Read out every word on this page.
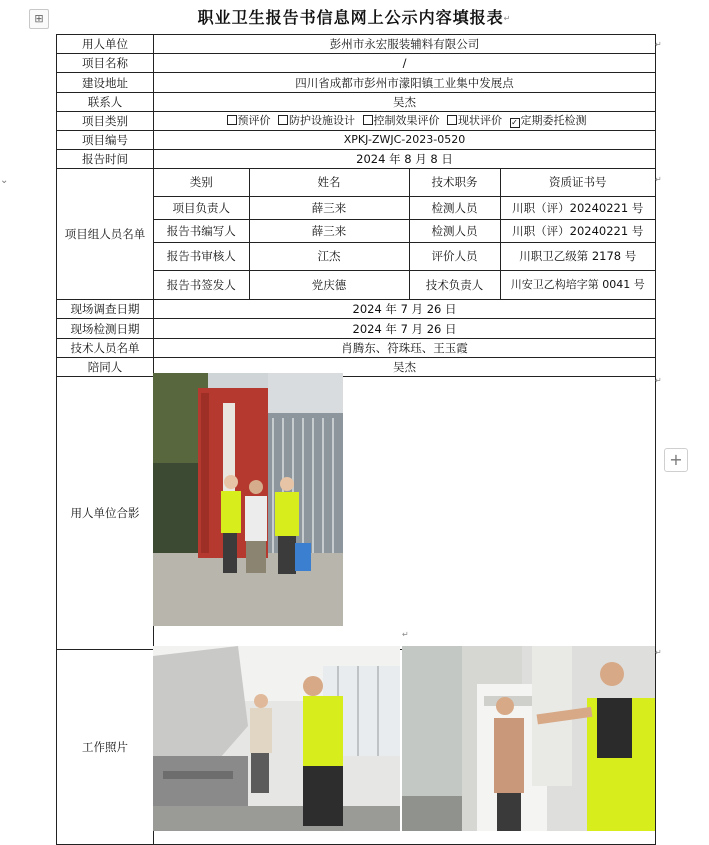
⊞
⌄
+
职业卫生报告书信息网上公示内容填报表↵
用人单位	彭州市永宏服装辅料有限公司
项目名称	/
建设地址	四川省成都市彭州市濛阳镇工业集中发展点
联系人	吴杰
项目类别	预评价 防护设施设计 控制效果评价 现状评价 ✓ 定期委托检测
项目编号	XPKJ-ZWJC-2023-0520
报告时间	2024 年 8 月 8 日
项目组人员名单	
类别	姓名	技术职务	资质证书号
项目负责人	薛三来	检测人员	川职（评）20240221 号
报告书编写人	薛三来	检测人员	川职（评）20240221 号
报告书审核人	江杰	评价人员	川职卫乙级第 2178 号
报告书签发人	党庆德	技术负责人	川安卫乙构培字第 0041 号

现场调查日期	2024 年 7 月 26 日
现场检测日期	2024 年 7 月 26 日
技术人员名单	肖腾东、符珠珏、王玉霞
陪同人	吴杰
用人单位合影	
工作照片	
↵
↵
↵
↵
↵
